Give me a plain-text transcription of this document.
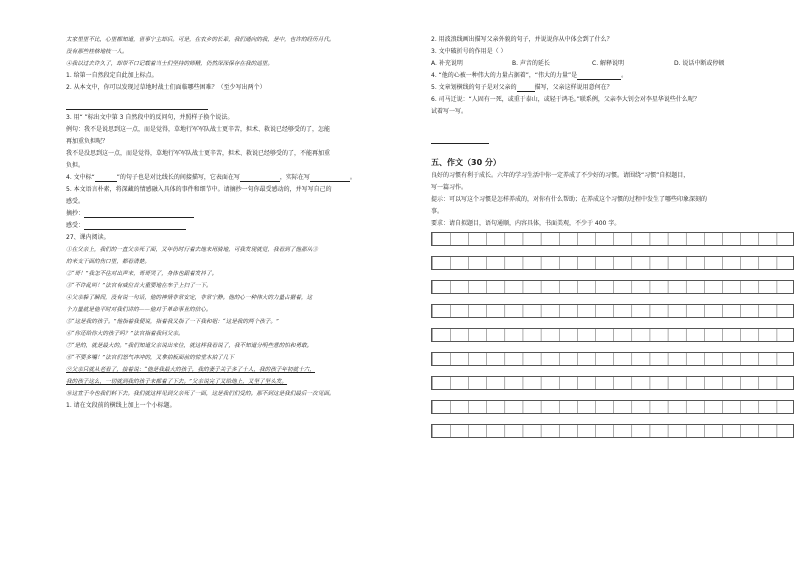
太家里里不比，心里都知道，世事宁主却后。可是，在农乡的长辈，我们通向的我，是中，也许的经历月代。
没有那些桂格地枝一人。
④我以过去许久了，却带不口记载着当士们坚持的师精，仍然深深保存在我的遥里。
1. 给第一自然段定自此加上标点。
2. 从本文中，你可以发现过草地时战士们面临哪些困难？（至少写出两个）
3. 用“ ”标出文中第 3 自然段中的反问句，并照样子换个说法。
例句：我不是说思到这一点，而是觉得，草地行军军队战士更辛苦，担术、救说已经够受的了，怎能
再加重负担呢？
我不是没思到这一点，而是觉得，草地行军军队战士更辛苦，担术、救说已经够受的了，不能再加重
负担。
4. 文中标“	”的句子也是对比线长的间接描写，它表面在写	，实际在写	。
5. 本文语言朴素，将深藏的情感融入具体的事件和细节中。请摘抄一句你最受感动的，并写写自己的
感受。
摘抄：
感受：
27、课内阅读。
①在父亲上，我们的一直父亲死了面，又年仍时行着去地来用骑地，可我发现就觉，我看到了他那从③
的米支干面的伤口里，都看清楚。
②“哥！”我怎不住对出声来，哥哥哭了，身体也跟着发抖了。
③“不许乱叫！”法官有威位首大重要地在车子上扫了一下。
④父亲躲了瞬间，没有说一句话，他的神情非常安定，非常宁静。他的心一种伟大的力量占据着，这
个力量就是他平时对我们讲的——他对于革命事业的信心。
⑤“这是我的孩子。”他指着我便说，指着我又指了一下我和姐：“这是我的两个孩子。”
⑥“你还给你大的孩子吗？”法官指着我问父亲。
⑦“是的，就是最大的。”我们知道父亲说出来位，就这样我看说了，我不知道分明些意的怕和勇敢。
⑧“不要多嘴！”法官们怒气冲冲的，又拿拍板面前的惊堂木拍了几下
⑨父亲只就从老看了，接着说：“他是我最大的孩子，我的妻子关子多了十人，我的孩子年初就十六，
我的孩子这么，一切就到我的孩子来都着了下去。”父亲说完了又给地上，又坚了坚头发。
⑩这宣于今也我们料下去。我们就这样见到父亲死了一面，这是我们们受的。那不到这是我们最后一次见面。
1. 请在文段前的横线上加上一个小标题。
2. 用波浪线画出描写父亲外貌的句子，并说说你从中体会到了什么？
3. 文中破折号的作用是（ ）
A. 补充说明	B. 声音的延长	C. 解释说明	D. 说话中断或停顿
4. “他的心被一种伟大的力量占据着”，“伟大的力量”是	。
5. 文章划横线的句子是对父亲的	描写，父亲这样说用意何在？
6. 司马迁说：“人固有一死，或重于泰山，或轻于鸿毛。”联系例，父亲李大钊会对李星华说些什么呢？
试着写一写。
五、作文（30 分）
良好的习惯有利于成长。六年的学习生活中你一定养成了不少好的习惯。请围绕“习惯”自拟题目，
写一篇习作。
提示：可以写这个习惯是怎样养成的，对你有什么帮助；在养成这个习惯的过程中发生了哪些印象深刻的
事。
要求：请自拟题目，语句通顺，内容具体，书面美观，不少于 400 字。
